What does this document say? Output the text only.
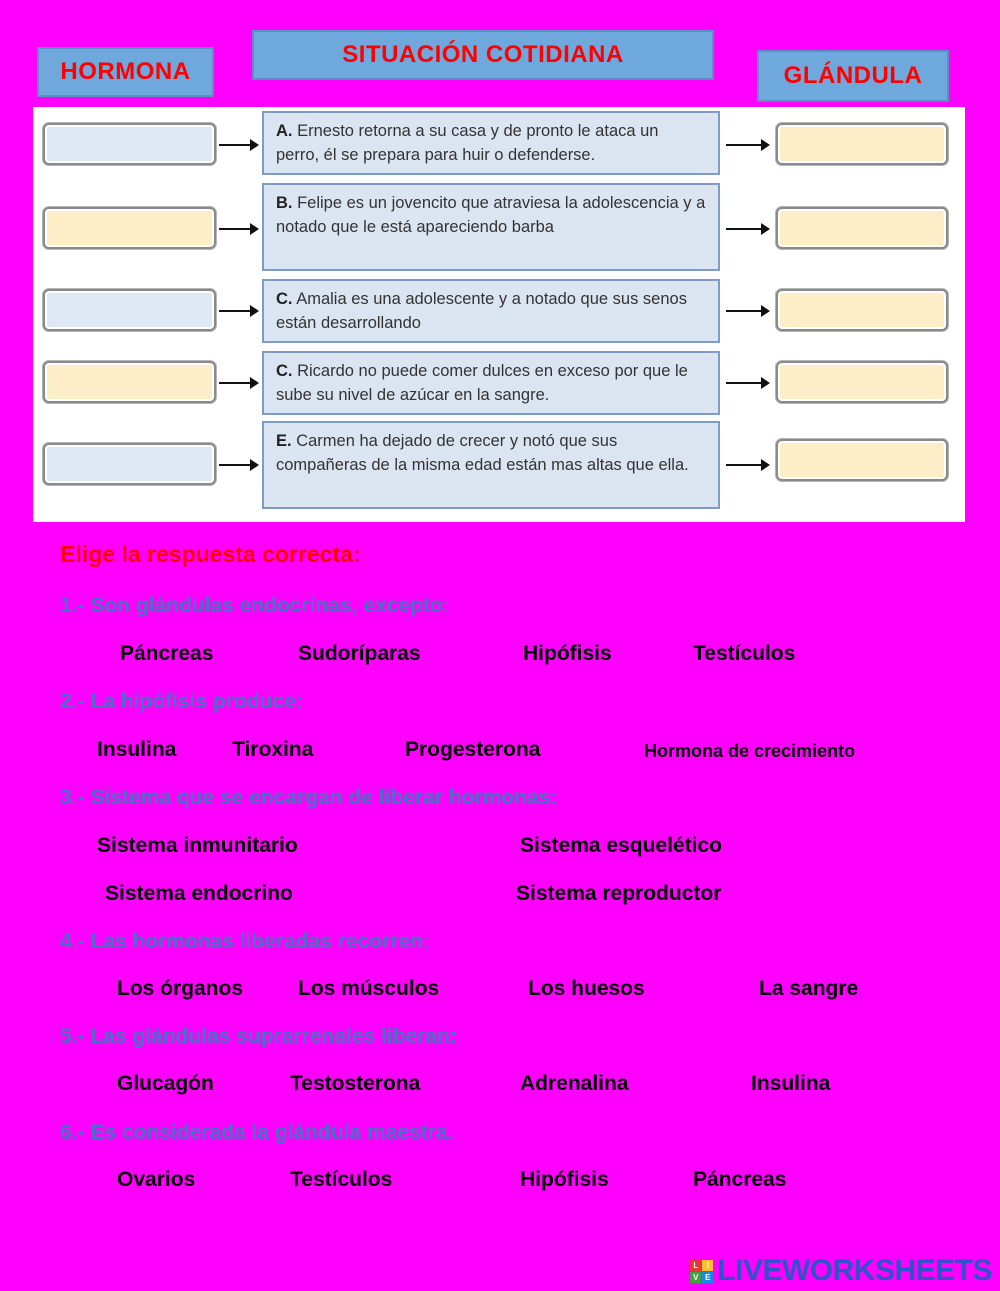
HORMONA
SITUACIÓN COTIDIANA
GLÁNDULA
A. Ernesto retorna a su casa y de pronto le ataca un perro, él se prepara para huir o defenderse.
B. Felipe es un jovencito que atraviesa la adolescencia y a notado que le está apareciendo barba
C. Amalia es una adolescente y a notado que sus senos están desarrollando
C. Ricardo no puede comer dulces en exceso por que le sube su nivel de azúcar en la sangre.
E. Carmen ha dejado de crecer y notó que sus compañeras de la misma edad están mas altas que ella.
Elige la respuesta correcta:
1.- Son glándulas endocrinas, excepto:
Páncreas	Sudoríparas	Hipófisis	Testículos
2.- La hipófisis produce:
Insulina	Tiroxina	Progesterona	Hormona de crecimiento
3.- Sistema que se encargan de liberar hormonas:
Sistema inmunitario	Sistema esquelético
Sistema endocrino	Sistema reproductor
4.- Las hormonas liberadas recorren:
Los órganos	Los músculos	Los huesos	La sangre
5.- Las glándulas suprarrenales liberan:
Glucagón	Testosterona	Adrenalina	Insulina
6.- Es considerada la glándula maestra.
Ovarios	Testículos	Hipófisis	Páncreas
L	I
V E LIVEWORKSHEETS
